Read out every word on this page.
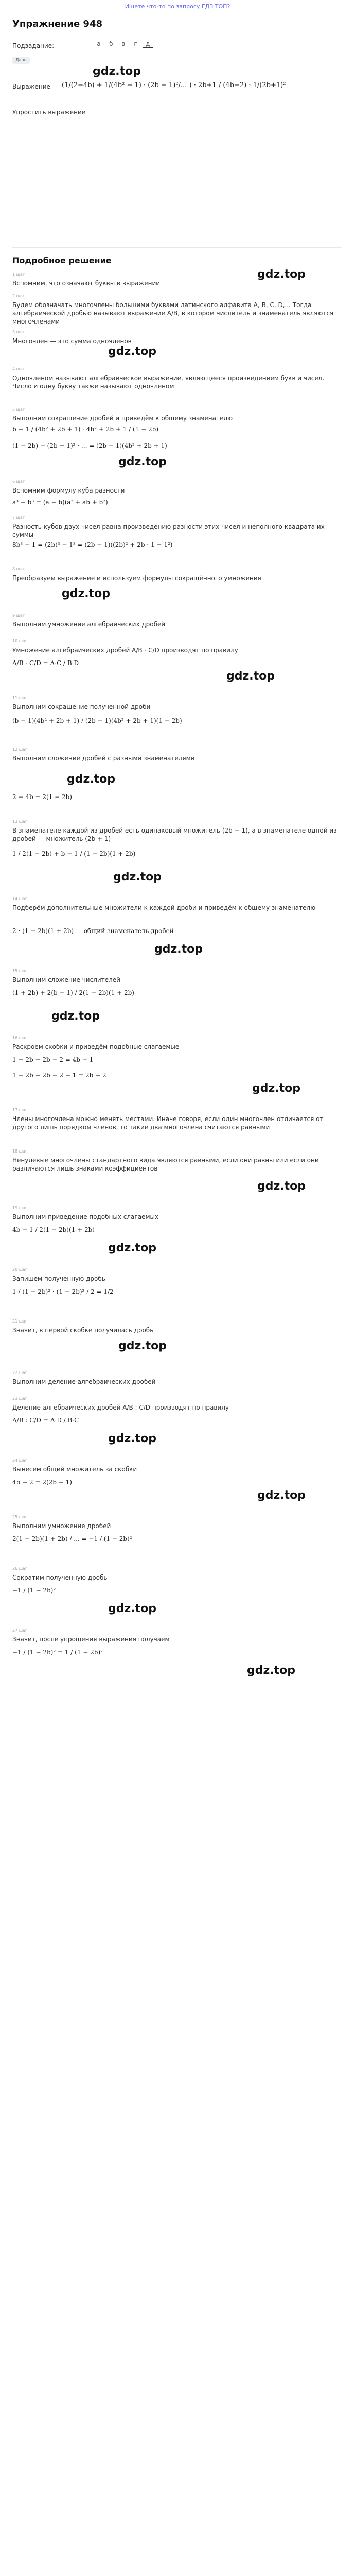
Ищете что-то по запросу ГДЗ ТОП?
Упражнение 948
Подзадание:	а б в г д
Дано
gdz.top
Выражение	(1/(2−4b) + 1/(4b² − 1) · (2b + 1)²/... ) · 2b+1 / (4b−2) · 1/(2b+1)²
Упростить выражение
Подробное решение
gdz.top
1 шаг
Вспомним, что означают буквы в выражении
2 шаг
Будем обозначать многочлены большими буквами латинского алфавита A, B, C, D,... Тогда алгебраической дробью называют выражение A/B, в котором числитель и знаменатель являются многочленами
3 шаг
Многочлен — это сумма одночленов
gdz.top
4 шаг
Одночленом называют алгебраическое выражение, являющееся произведением букв и чисел. Число и одну букву также называют одночленом
5 шаг
Выполним сокращение дробей и приведём к общему знаменателю
b − 1 / (4b² + 2b + 1) · 4b² + 2b + 1 / (1 − 2b)
(1 − 2b) − (2b + 1)² · ... = (2b − 1)(4b² + 2b + 1)
gdz.top
6 шаг
Вспомним формулу куба разности
a³ − b³ = (a − b)(a² + ab + b²)
7 шаг
Разность кубов двух чисел равна произведению разности этих чисел и неполного квадрата их суммы
8b³ − 1 = (2b)³ − 1³ = (2b − 1)((2b)² + 2b · 1 + 1²)
8 шаг
Преобразуем выражение и используем формулы сокращённого умножения
gdz.top
9 шаг
Выполним умножение алгебраических дробей
10 шаг
Умножение алгебраических дробей A/B · C/D производят по правилу
A/B · C/D = A·C / B·D
gdz.top
11 шаг
Выполним сокращение полученной дроби
(b − 1)(4b² + 2b + 1) / (2b − 1)(4b² + 2b + 1)(1 − 2b)
12 шаг
Выполним сложение дробей с разными знаменателями
gdz.top
2 − 4b = 2(1 − 2b)
13 шаг
В знаменателе каждой из дробей есть одинаковый множитель (2b − 1), а в знаменателе одной из дробей — множитель (2b + 1)
1 / 2(1 − 2b) + b − 1 / (1 − 2b)(1 + 2b)
gdz.top
14 шаг
Подберём дополнительные множители к каждой дроби и приведём к общему знаменателю
2 · (1 − 2b)(1 + 2b) — общий знаменатель дробей
gdz.top
15 шаг
Выполним сложение числителей
(1 + 2b) + 2(b − 1) / 2(1 − 2b)(1 + 2b)
gdz.top
16 шаг
Раскроем скобки и приведём подобные слагаемые
1 + 2b + 2b − 2 = 4b − 1
1 + 2b − 2b + 2 − 1 = 2b − 2
gdz.top
17 шаг
Члены многочлена можно менять местами. Иначе говоря, если один многочлен отличается от другого лишь порядком членов, то такие два многочлена считаются равными
18 шаг
Ненулевые многочлены стандартного вида являются равными, если они равны или если они различаются лишь знаками коэффициентов
gdz.top
19 шаг
Выполним приведение подобных слагаемых
4b − 1 / 2(1 − 2b)(1 + 2b)
gdz.top
20 шаг
Запишем полученную дробь
1 / (1 − 2b)² · (1 − 2b)² / 2 = 1/2
21 шаг
Значит, в первой скобке получилась дробь
gdz.top
22 шаг
Выполним деление алгебраических дробей
23 шаг
Деление алгебраических дробей A/B : C/D производят по правилу
A/B : C/D = A·D / B·C
gdz.top
24 шаг
Вынесем общий множитель за скобки
4b − 2 = 2(2b − 1)
gdz.top
25 шаг
Выполним умножение дробей
2(1 − 2b)(1 + 2b) / ... = −1 / (1 − 2b)²
26 шаг
Сократим полученную дробь
−1 / (1 − 2b)²
gdz.top
27 шаг
Значит, после упрощения выражения получаем
−1 / (1 − 2b)² = 1 / (1 − 2b)²
gdz.top
